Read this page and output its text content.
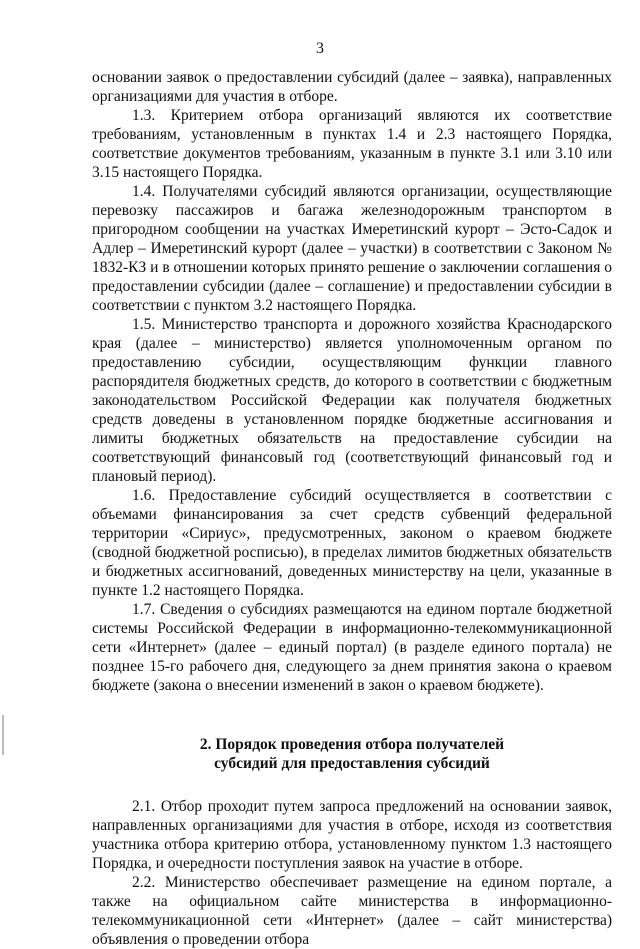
3

основании заявок о предоставлении субсидий (далее – заявка), направленных организациями для участия в отборе.

1.3. Критерием отбора организаций являются их соответствие требованиям, установленным в пунктах 1.4 и 2.3 настоящего Порядка, соответствие документов требованиям, указанным в пункте 3.1 или 3.10 или 3.15 настоящего Порядка.

1.4. Получателями субсидий являются организации, осуществляющие перевозку пассажиров и багажа железнодорожным транспортом в пригородном сообщении на участках Имеретинский курорт – Эсто-Садок и Адлер – Имеретинский курорт (далее – участки) в соответствии с Законом № 1832-КЗ и в отношении которых принято решение о заключении соглашения о предоставлении субсидии (далее – соглашение) и предоставлении субсидии в соответствии с пунктом 3.2 настоящего Порядка.

1.5. Министерство транспорта и дорожного хозяйства Краснодарского края (далее – министерство) является уполномоченным органом по предоставлению субсидии, осуществляющим функции главного распорядителя бюджетных средств, до которого в соответствии с бюджетным законодательством Российской Федерации как получателя бюджетных средств доведены в установленном порядке бюджетные ассигнования и лимиты бюджетных обязательств на предоставление субсидии на соответствующий финансовый год (соответствующий финансовый год и плановый период).

1.6. Предоставление субсидий осуществляется в соответствии с объемами финансирования за счет средств субвенций федеральной территории «Сириус», предусмотренных, законом о краевом бюджете (сводной бюджетной росписью), в пределах лимитов бюджетных обязательств и бюджетных ассигнований, доведенных министерству на цели, указанные в пункте 1.2 настоящего Порядка.

1.7. Сведения о субсидиях размещаются на едином портале бюджетной системы Российской Федерации в информационно-телекоммуникационной сети «Интернет» (далее – единый портал) (в разделе единого портала) не позднее 15-го рабочего дня, следующего за днем принятия закона о краевом бюджете (закона о внесении изменений в закон о краевом бюджете).

2. Порядок проведения отбора получателей
субсидий для предоставления субсидий

2.1. Отбор проходит путем запроса предложений на основании заявок, направленных организациями для участия в отборе, исходя из соответствия участника отбора критерию отбора, установленному пунктом 1.3 настоящего Порядка, и очередности поступления заявок на участие в отборе.

2.2. Министерство обеспечивает размещение на едином портале, а также на официальном сайте министерства в информационно-телекоммуникационной сети «Интернет» (далее – сайт министерства) объявления о проведении отбора
